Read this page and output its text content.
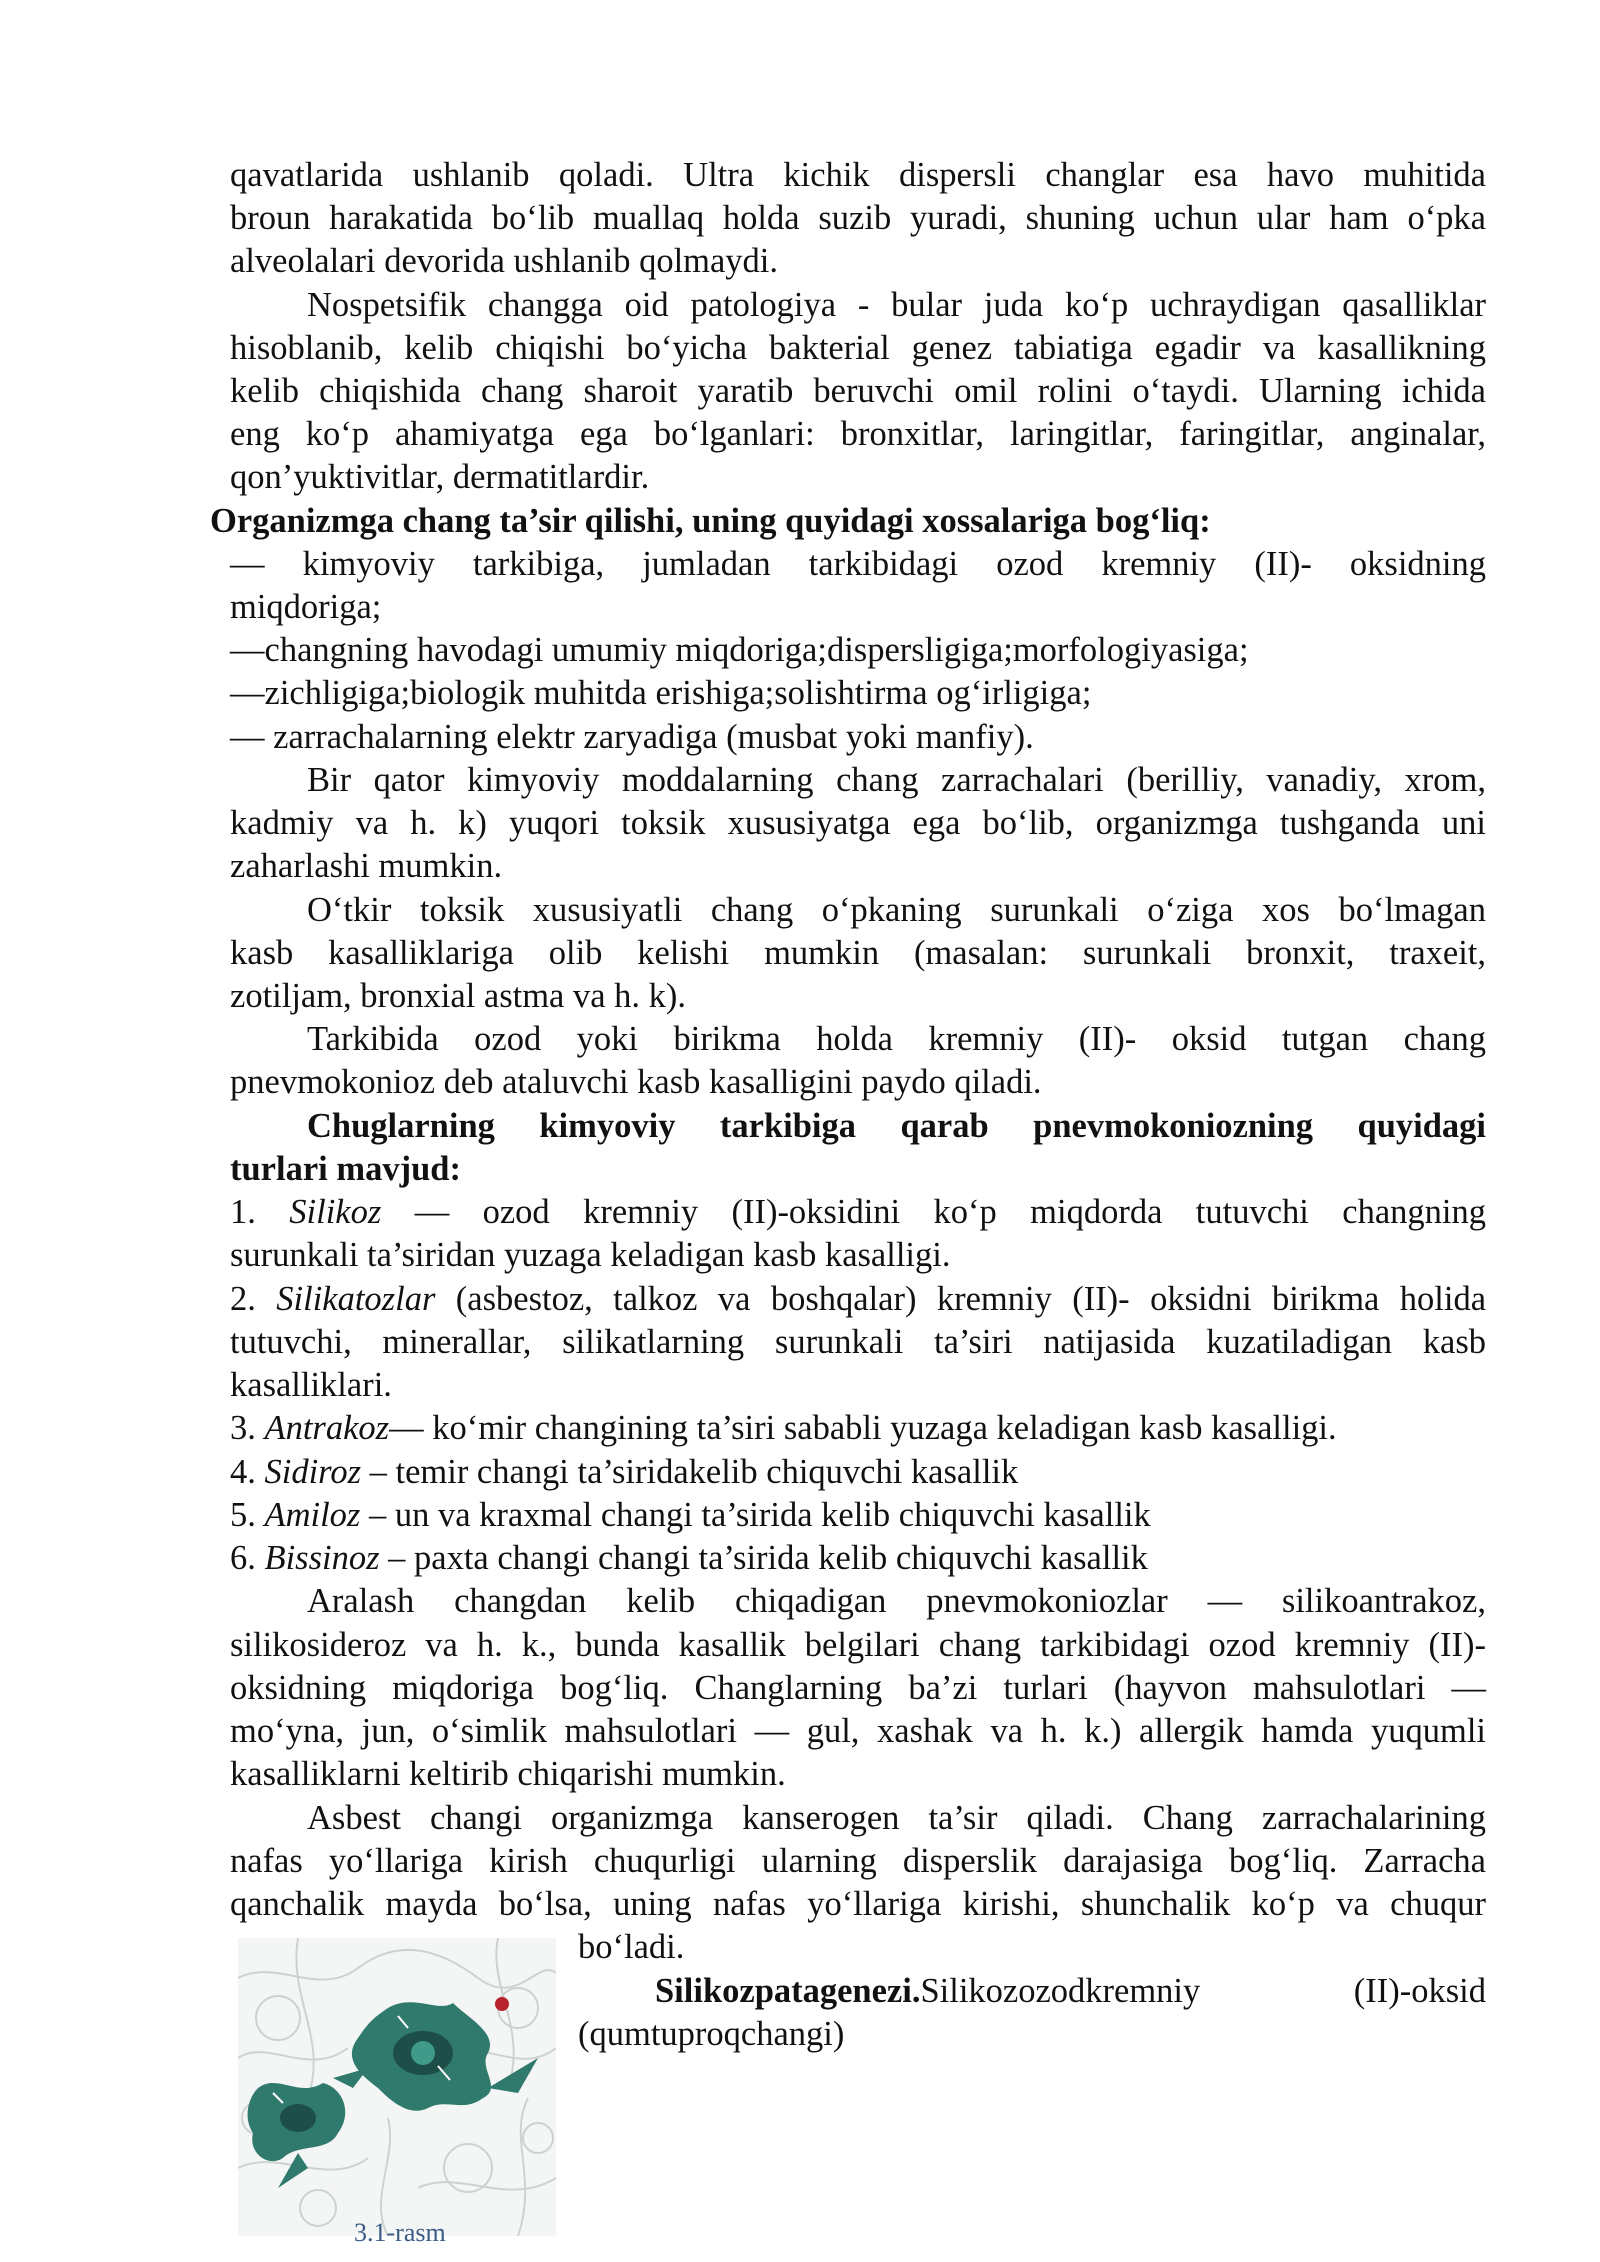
qavatlarida ushlanib qoladi. Ultra kichik dispersli changlar esa havo muhitida
broun harakatida bo‘lib muallaq holda suzib yuradi, shuning uchun ular ham o‘pka
alveolalari devorida ushlanib qolmaydi.
Nospetsifik changga oid patologiya - bular juda ko‘p uchraydigan qasalliklar
hisoblanib, kelib chiqishi bo‘yicha bakterial genez tabiatiga egadir va kasallikning
kelib chiqishida chang sharoit yaratib beruvchi omil rolini o‘taydi. Ularning ichida
eng ko‘p ahamiyatga ega bo‘lganlari: bronxitlar, laringitlar, faringitlar, anginalar,
qon’yuktivitlar, dermatitlardir.
Organizmga chang ta’sir qilishi, uning quyidagi xossalariga bog‘liq:
— kimyoviy tarkibiga, jumladan tarkibidagi ozod kremniy (II)- oksidning
miqdoriga;
—changning havodagi umumiy miqdoriga;dispersligiga;morfologiyasiga;
—zichligiga;biologik muhitda erishiga;solishtirma og‘irligiga;
— zarrachalarning elektr zaryadiga (musbat yoki manfiy).
Bir qator kimyoviy moddalarning chang zarrachalari (berilliy, vanadiy, xrom,
kadmiy va h. k) yuqori toksik xususiyatga ega bo‘lib, organizmga tushganda uni
zaharlashi mumkin.
O‘tkir toksik xususiyatli chang o‘pkaning surunkali o‘ziga xos bo‘lmagan
kasb kasalliklariga olib kelishi mumkin (masalan: surunkali bronxit, traxeit,
zotiljam, bronxial astma va h. k).
Tarkibida ozod yoki birikma holda kremniy (II)- oksid tutgan chang
pnevmokonioz deb ataluvchi kasb kasalligini paydo qiladi.
Chuglarning kimyoviy tarkibiga qarab pnevmokoniozning quyidagi
turlari mavjud:
1. Silikoz — ozod kremniy (II)-oksidini ko‘p miqdorda tutuvchi changning
surunkali ta’siridan yuzaga keladigan kasb kasalligi.
2. Silikatozlar (asbestoz, talkoz va boshqalar) kremniy (II)- oksidni birikma holida
tutuvchi, minerallar, silikatlarning surunkali ta’siri natijasida kuzatiladigan kasb
kasalliklari.
3. Antrakoz— ko‘mir changining ta’siri sababli yuzaga keladigan kasb kasalligi.
4. Sidiroz – temir changi ta’siridakelib chiquvchi kasallik
5. Amiloz – un va kraxmal changi ta’sirida kelib chiquvchi kasallik
6. Bissinoz – paxta changi changi ta’sirida kelib chiquvchi kasallik
Aralash changdan kelib chiqadigan pnevmokoniozlar — silikoantrakoz,
silikosideroz va h. k., bunda kasallik belgilari chang tarkibidagi ozod kremniy (II)-
oksidning miqdoriga bog‘liq. Changlarning ba’zi turlari (hayvon mahsulotlari —
mo‘yna, jun, o‘simlik mahsulotlari — gul, xashak va h. k.) allergik hamda yuqumli
kasalliklarni keltirib chiqarishi mumkin.
Asbest changi organizmga kanserogen ta’sir qiladi. Chang zarrachalarining
nafas yo‘llariga kirish chuqurligi ularning disperslik darajasiga bog‘liq. Zarracha
qanchalik mayda bo‘lsa, uning nafas yo‘llariga kirishi, shunchalik ko‘p va chuqur
bo‘ladi.
Silikozpatagenezi.Silikozozodkremniy	(II)-oksid
(qumtuproqchangi)
3.1-rasm
